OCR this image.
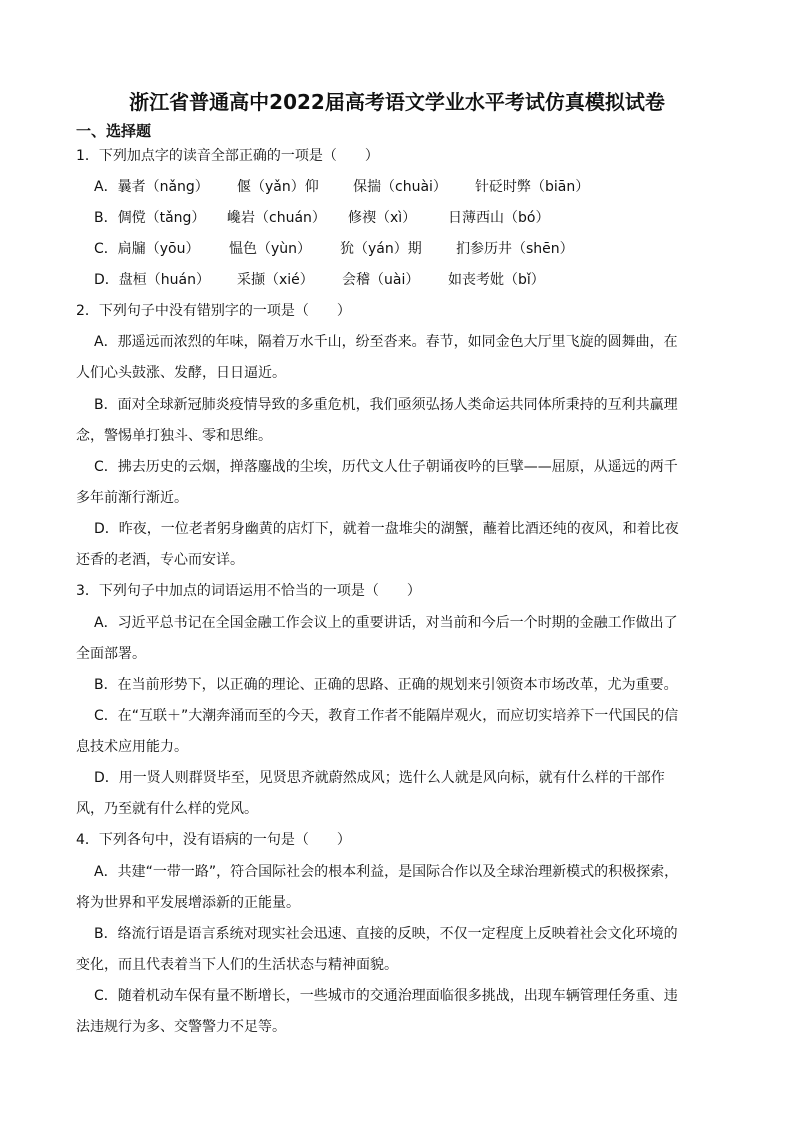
浙江省普通高中2022届高考语文学业水平考试仿真模拟试卷
一、选择题
1．下列加点字的读音全部正确的一项是（　　）
A．曩者（nǎng） 偃（yǎn）仰 保揣（chuài） 针砭时弊（biān）
B．倜傥（tǎng） 巉岩（chuán） 修禊（xì） 日薄西山（bó）
C．扃牖（yōu） 愠色（yùn） 狁（yán）期 扪参历井（shēn）
D．盘桓（huán） 采撷（xié） 会稽（uài） 如丧考妣（bǐ）
2．下列句子中没有错别字的一项是（　　）
A．那遥远而浓烈的年味，隔着万水千山，纷至沓来。春节，如同金色大厅里飞旋的圆舞曲，在
人们心头鼓涨、发酵，日日逼近。
B．面对全球新冠肺炎疫情导致的多重危机，我们亟须弘扬人类命运共同体所秉持的互利共赢理
念，警惕单打独斗、零和思维。
C．拂去历史的云烟，掸落鏖战的尘埃，历代文人仕子朝诵夜吟的巨擘——屈原，从遥远的两千
多年前渐行渐近。
D．昨夜，一位老者躬身幽黄的店灯下，就着一盘堆尖的湖蟹，蘸着比酒还纯的夜风，和着比夜
还香的老酒，专心而安详。
3．下列句子中加点的词语运用不恰当的一项是（　　）
A．习近平总书记在全国金融工作会议上的重要讲话，对当前和今后一个时期的金融工作做出了
全面部署。
B．在当前形势下，以正确的理论、正确的思路、正确的规划来引领资本市场改革，尤为重要。
C．在“互联＋”大潮奔涌而至的今天，教育工作者不能隔岸观火，而应切实培养下一代国民的信
息技术应用能力。
D．用一贤人则群贤毕至，见贤思齐就蔚然成风；选什么人就是风向标，就有什么样的干部作
风，乃至就有什么样的党风。
4．下列各句中，没有语病的一句是（　　）
A．共建“一带一路”，符合国际社会的根本利益，是国际合作以及全球治理新模式的积极探索，
将为世界和平发展增添新的正能量。
B．络流行语是语言系统对现实社会迅速、直接的反映，不仅一定程度上反映着社会文化环境的
变化，而且代表着当下人们的生活状态与精神面貌。
C．随着机动车保有量不断增长，一些城市的交通治理面临很多挑战，出现车辆管理任务重、违
法违规行为多、交警警力不足等。
